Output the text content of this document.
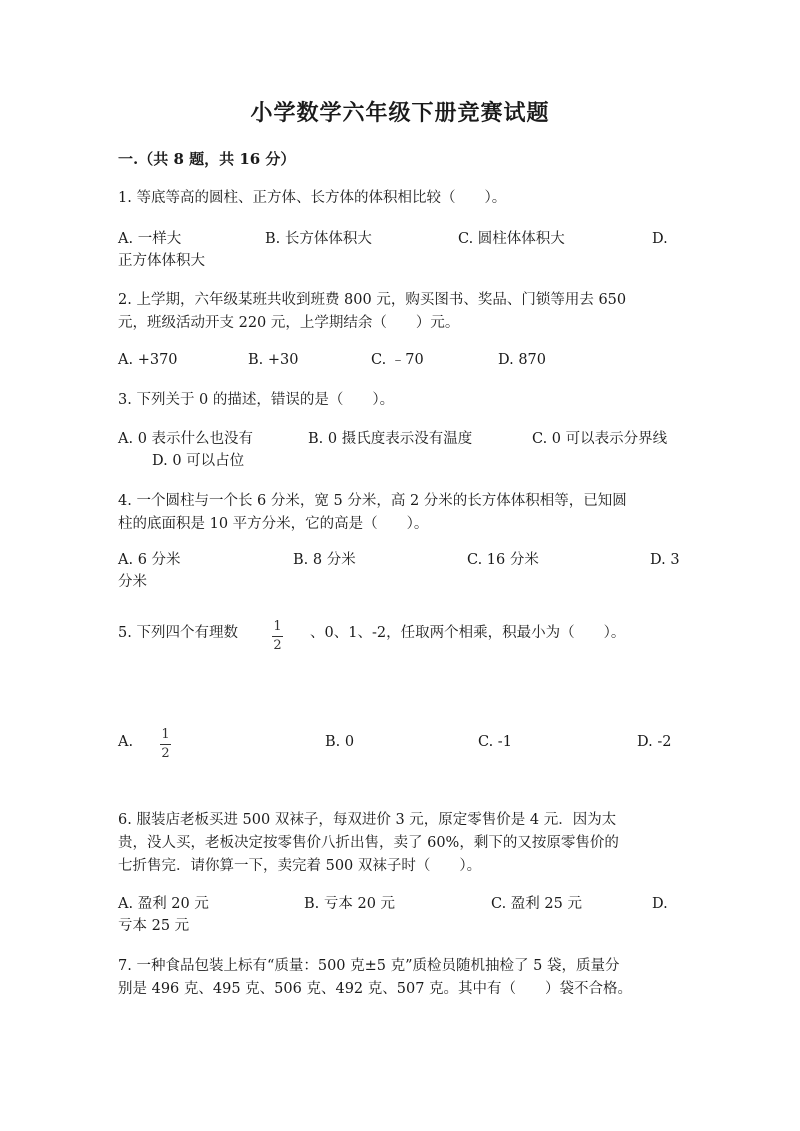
小学数学六年级下册竞赛试题
一.（共 8 题，共 16 分）
1. 等底等高的圆柱、正方体、长方体的体积相比较（　　）。
A. 一样大	B. 长方体体积大	C. 圆柱体体积大	D.
正方体体积大
2. 上学期，六年级某班共收到班费 800 元，购买图书、奖品、门锁等用去 650
元，班级活动开支 220 元，上学期结余（　　）元。
A. +370	B. +30	C. ﹣70	D. 870
3. 下列关于 0 的描述，错误的是（　　）。
A. 0 表示什么也没有	B. 0 摄氏度表示没有温度	C. 0 可以表示分界线
D. 0 可以占位
4. 一个圆柱与一个长 6 分米，宽 5 分米，高 2 分米的长方体体积相等，已知圆
柱的底面积是 10 平方分米，它的高是（　　）。
A. 6 分米	B. 8 分米	C. 16 分米	D. 3
分米
5. 下列四个有理数	1
2
、0、1、-2，任取两个相乘，积最小为（　　）。
A. 1
2
B. 0	C. -1	D. -2
6. 服装店老板买进 500 双袜子，每双进价 3 元，原定零售价是 4 元．因为太
贵，没人买，老板决定按零售价八折出售，卖了 60%，剩下的又按原零售价的
七折售完．请你算一下，卖完着 500 双袜子时（　　）。
A. 盈利 20 元	B. 亏本 20 元	C. 盈利 25 元	D.
亏本 25 元
7. 一种食品包装上标有“质量：500 克±5 克”质检员随机抽检了 5 袋，质量分
别是 496 克、495 克、506 克、492 克、507 克。其中有（　　）袋不合格。
